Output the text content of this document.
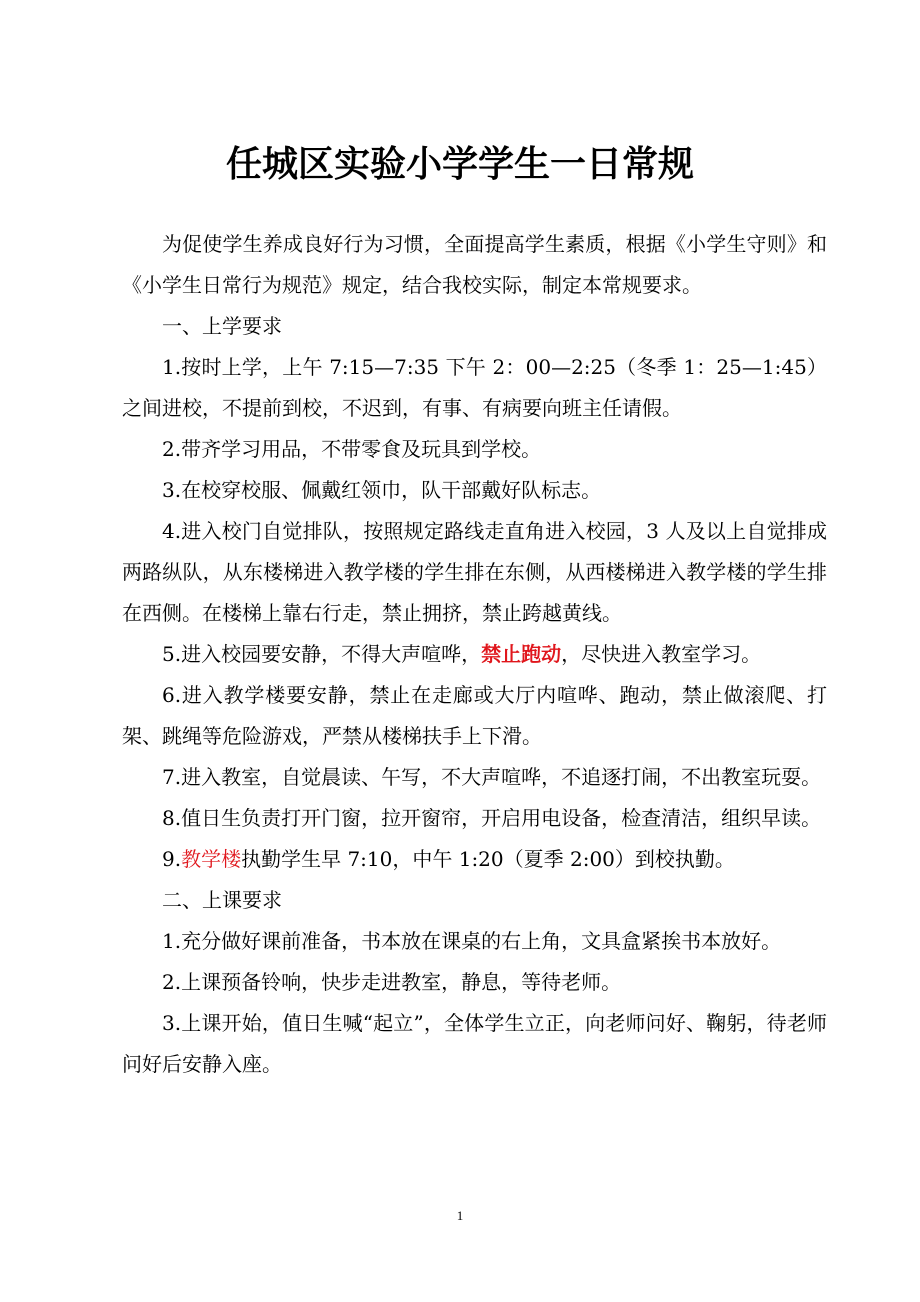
任城区实验小学学生一日常规

为促使学生养成良好行为习惯，全面提高学生素质，根据《小学生守则》和《小学生日常行为规范》规定，结合我校实际，制定本常规要求。

一、上学要求

1.按时上学，上午 7:15—7:35 下午 2：00—2:25（冬季 1：25—1:45）之间进校，不提前到校，不迟到，有事、有病要向班主任请假。

2.带齐学习用品，不带零食及玩具到学校。

3.在校穿校服、佩戴红领巾，队干部戴好队标志。

4.进入校门自觉排队，按照规定路线走直角进入校园，3 人及以上自觉排成两路纵队，从东楼梯进入教学楼的学生排在东侧，从西楼梯进入教学楼的学生排在西侧。在楼梯上靠右行走，禁止拥挤，禁止跨越黄线。

5.进入校园要安静，不得大声喧哗，禁止跑动，尽快进入教室学习。

6.进入教学楼要安静，禁止在走廊或大厅内喧哗、跑动，禁止做滚爬、打架、跳绳等危险游戏，严禁从楼梯扶手上下滑。

7.进入教室，自觉晨读、午写，不大声喧哗，不追逐打闹，不出教室玩耍。

8.值日生负责打开门窗，拉开窗帘，开启用电设备，检查清洁，组织早读。

9.教学楼执勤学生早 7:10，中午 1:20（夏季 2:00）到校执勤。

二、上课要求

1.充分做好课前准备，书本放在课桌的右上角，文具盒紧挨书本放好。

2.上课预备铃响，快步走进教室，静息，等待老师。

3.上课开始，值日生喊“起立”，全体学生立正，向老师问好、鞠躬，待老师问好后安静入座。

1
